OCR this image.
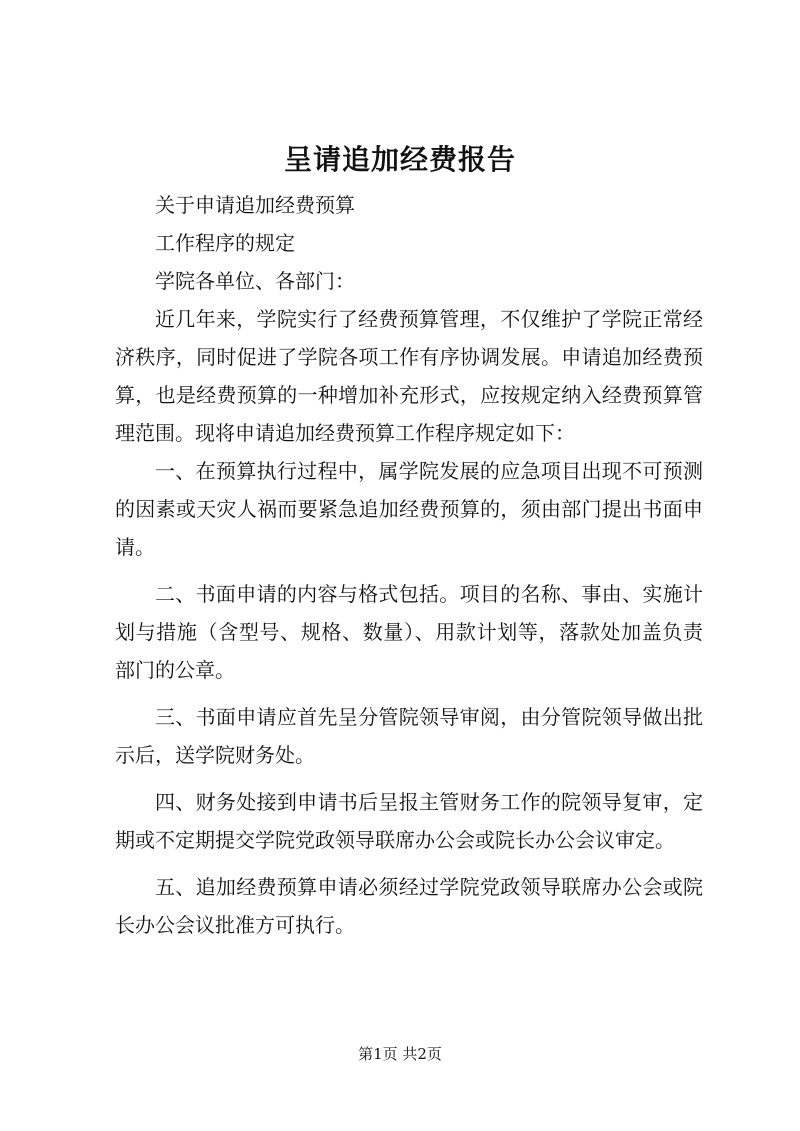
呈请追加经费报告

关于申请追加经费预算

工作程序的规定

学院各单位、各部门：

近几年来，学院实行了经费预算管理，不仅维护了学院正常经济秩序，同时促进了学院各项工作有序协调发展。申请追加经费预算，也是经费预算的一种增加补充形式，应按规定纳入经费预算管理范围。现将申请追加经费预算工作程序规定如下：

一、在预算执行过程中，属学院发展的应急项目出现不可预测的因素或天灾人祸而要紧急追加经费预算的，须由部门提出书面申请。

二、书面申请的内容与格式包括。项目的名称、事由、实施计划与措施（含型号、规格、数量）、用款计划等，落款处加盖负责部门的公章。

三、书面申请应首先呈分管院领导审阅，由分管院领导做出批示后，送学院财务处。

四、财务处接到申请书后呈报主管财务工作的院领导复审，定期或不定期提交学院党政领导联席办公会或院长办公会议审定。

五、追加经费预算申请必须经过学院党政领导联席办公会或院长办公会议批准方可执行。

第1页 共2页
